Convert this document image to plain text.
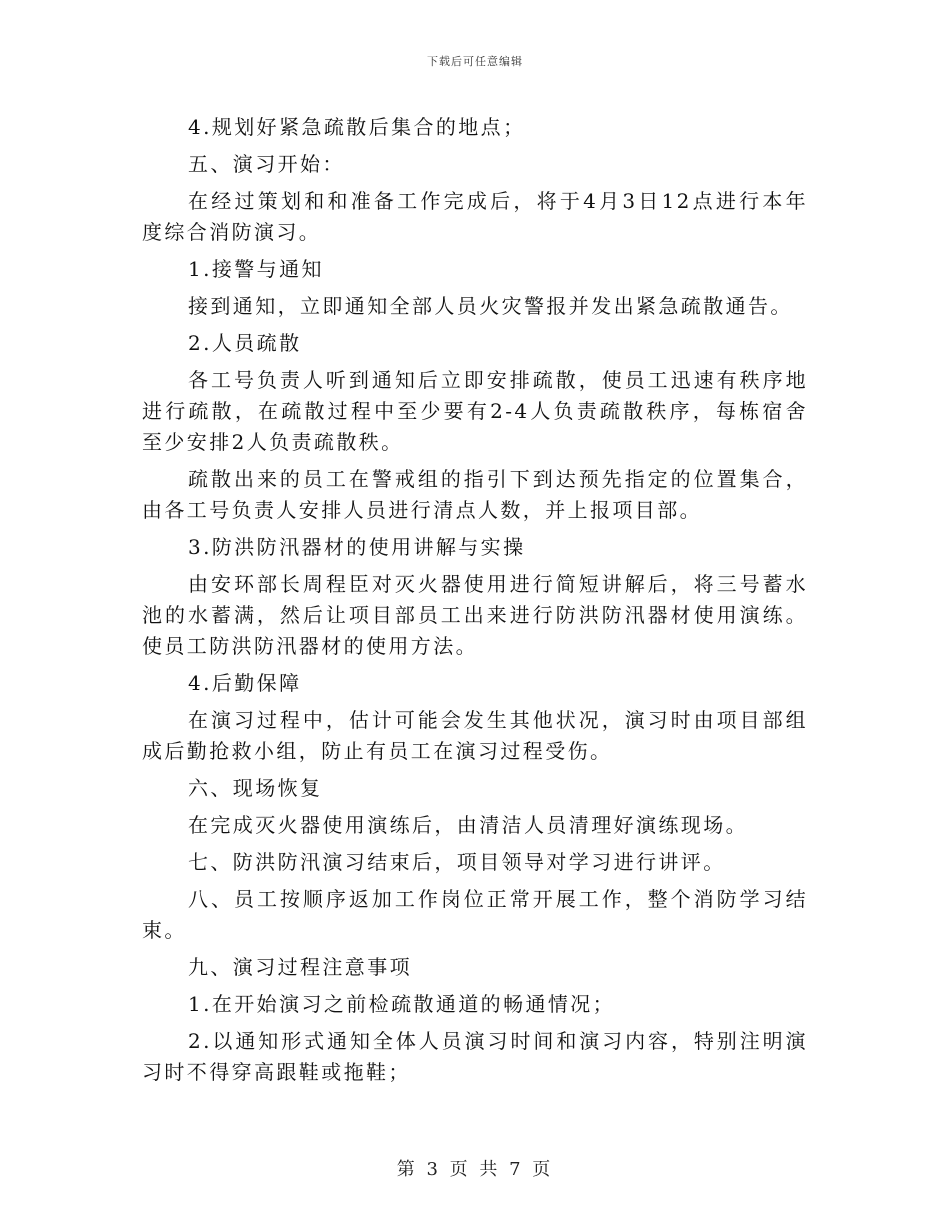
下载后可任意编辑

4.规划好紧急疏散后集合的地点；

五、演习开始：

在经过策划和和准备工作完成后，将于4月3日12点进行本年度综合消防演习。

1.接警与通知

接到通知，立即通知全部人员火灾警报并发出紧急疏散通告。

2.人员疏散

各工号负责人听到通知后立即安排疏散，使员工迅速有秩序地进行疏散，在疏散过程中至少要有2-4人负责疏散秩序，每栋宿舍至少安排2人负责疏散秩。

疏散出来的员工在警戒组的指引下到达预先指定的位置集合，由各工号负责人安排人员进行清点人数，并上报项目部。

3.防洪防汛器材的使用讲解与实操

由安环部长周程臣对灭火器使用进行简短讲解后，将三号蓄水池的水蓄满，然后让项目部员工出来进行防洪防汛器材使用演练。使员工防洪防汛器材的使用方法。

4.后勤保障

在演习过程中，估计可能会发生其他状况，演习时由项目部组成后勤抢救小组，防止有员工在演习过程受伤。

六、现场恢复

在完成灭火器使用演练后，由清洁人员清理好演练现场。

七、防洪防汛演习结束后，项目领导对学习进行讲评。

八、员工按顺序返加工作岗位正常开展工作，整个消防学习结束。

九、演习过程注意事项

1.在开始演习之前检疏散通道的畅通情况；

2.以通知形式通知全体人员演习时间和演习内容，特别注明演习时不得穿高跟鞋或拖鞋；

第 3 页 共 7 页
